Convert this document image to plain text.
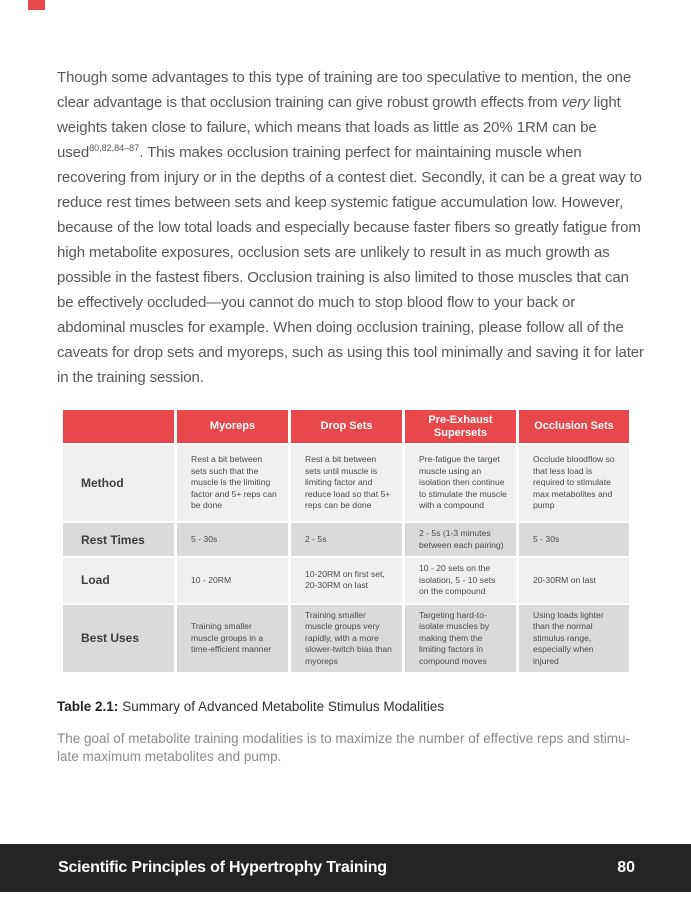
Though some advantages to this type of training are too speculative to mention, the one clear advantage is that occlusion training can give robust growth effects from very light weights taken close to failure, which means that loads as little as 20% 1RM can be used$^{80,82,84-87}$. This makes occlusion training perfect for maintaining muscle when recovering from injury or in the depths of a contest diet. Secondly, it can be a great way to reduce rest times between sets and keep systemic fatigue accumulation low. However, because of the low total loads and especially because faster fibers so greatly fatigue from high metabolite exposures, occlusion sets are unlikely to result in as much growth as possible in the fastest fibers. Occlusion training is also limited to those muscles that can be effectively occluded—you cannot do much to stop blood flow to your back or abdominal muscles for example. When doing occlusion training, please follow all of the caveats for drop sets and myoreps, such as using this tool minimally and saving it for later in the training session.

	Myoreps	Drop Sets	Pre-Exhaust Supersets	Occlusion Sets
Method	Rest a bit between sets such that the muscle is the limiting factor and 5+ reps can be done	Rest a bit between sets until muscle is limiting factor and reduce load so that 5+ reps can be done	Pre-fatigue the target muscle using an isolation then continue to stimulate the muscle with a compound	Occlude bloodflow so that less load is required to stimulate max metabolites and pump
Rest Times	5 - 30s	2 - 5s	2 - 5s (1-3 minutes between each pairing)	5 - 30s
Load	10 - 20RM	10-20RM on first set, 20-30RM on last	10 - 20 sets on the isolation, 5 - 10 sets on the compound	20-30RM on last
Best Uses	Training smaller muscle groups in a time-efficient manner	Training smaller muscle groups very rapidly, with a more slower-twitch bias than myoreps	Targeting hard-to-isolate muscles by making them the limiting factors in compound moves	Using loads lighter than the normal stimulus range, especially when injured
Table 2.1: Summary of Advanced Metabolite Stimulus Modalities
The goal of metabolite training modalities is to maximize the number of effective reps and stimu-
late maximum metabolites and pump.
Scientific Principles of Hypertrophy Training	80
